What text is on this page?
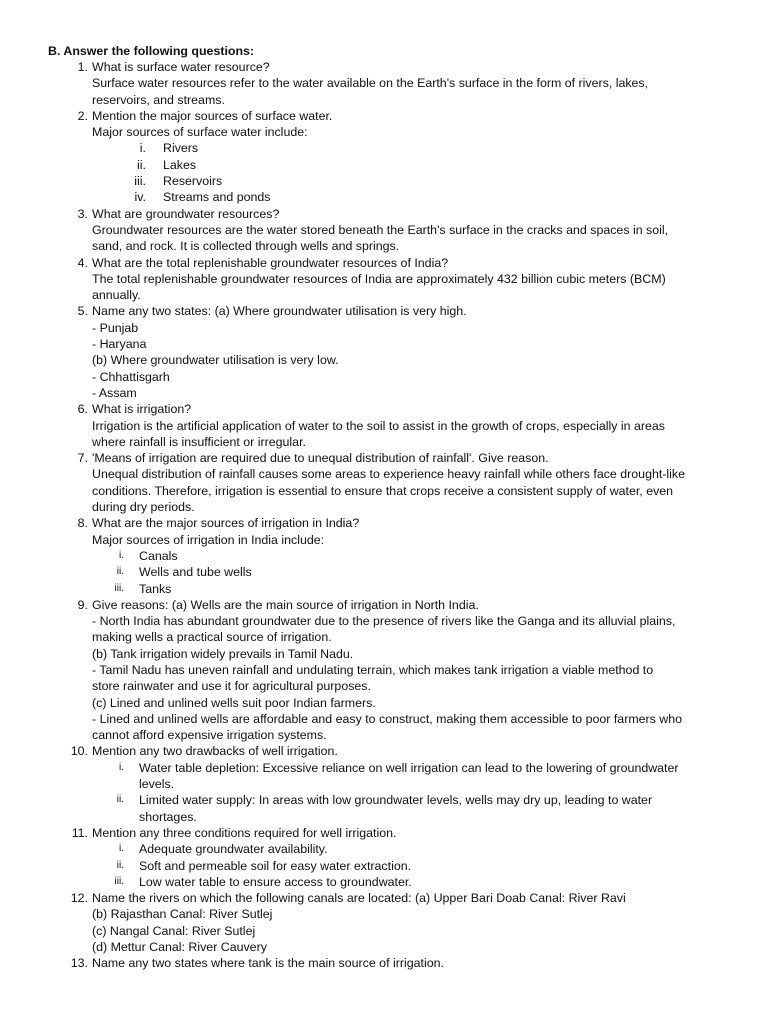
B. Answer the following questions:
1. What is surface water resource?
Surface water resources refer to the water available on the Earth's surface in the form of rivers, lakes,
reservoirs, and streams.
2. Mention the major sources of surface water.
Major sources of surface water include:
i.	Rivers
ii.	Lakes
iii.	Reservoirs
iv.	Streams and ponds
3. What are groundwater resources?
Groundwater resources are the water stored beneath the Earth's surface in the cracks and spaces in soil,
sand, and rock. It is collected through wells and springs.
4. What are the total replenishable groundwater resources of India?
The total replenishable groundwater resources of India are approximately 432 billion cubic meters (BCM)
annually.
5. Name any two states: (a) Where groundwater utilisation is very high.
- Punjab
- Haryana
(b) Where groundwater utilisation is very low.
- Chhattisgarh
- Assam
6. What is irrigation?
Irrigation is the artificial application of water to the soil to assist in the growth of crops, especially in areas
where rainfall is insufficient or irregular.
7. 'Means of irrigation are required due to unequal distribution of rainfall'. Give reason.
Unequal distribution of rainfall causes some areas to experience heavy rainfall while others face drought-like
conditions. Therefore, irrigation is essential to ensure that crops receive a consistent supply of water, even
during dry periods.
8. What are the major sources of irrigation in India?
Major sources of irrigation in India include:
i.	Canals
ii.	Wells and tube wells
iii.	Tanks
9. Give reasons: (a) Wells are the main source of irrigation in North India.
- North India has abundant groundwater due to the presence of rivers like the Ganga and its alluvial plains,
making wells a practical source of irrigation.
(b) Tank irrigation widely prevails in Tamil Nadu.
- Tamil Nadu has uneven rainfall and undulating terrain, which makes tank irrigation a viable method to
store rainwater and use it for agricultural purposes.
(c) Lined and unlined wells suit poor Indian farmers.
- Lined and unlined wells are affordable and easy to construct, making them accessible to poor farmers who
cannot afford expensive irrigation systems.
10. Mention any two drawbacks of well irrigation.
i.	Water table depletion: Excessive reliance on well irrigation can lead to the lowering of groundwater
levels.
ii.	Limited water supply: In areas with low groundwater levels, wells may dry up, leading to water
shortages.
11. Mention any three conditions required for well irrigation.
i.	Adequate groundwater availability.
ii.	Soft and permeable soil for easy water extraction.
iii.	Low water table to ensure access to groundwater.
12. Name the rivers on which the following canals are located: (a) Upper Bari Doab Canal: River Ravi
(b) Rajasthan Canal: River Sutlej
(c) Nangal Canal: River Sutlej
(d) Mettur Canal: River Cauvery
13. Name any two states where tank is the main source of irrigation.
